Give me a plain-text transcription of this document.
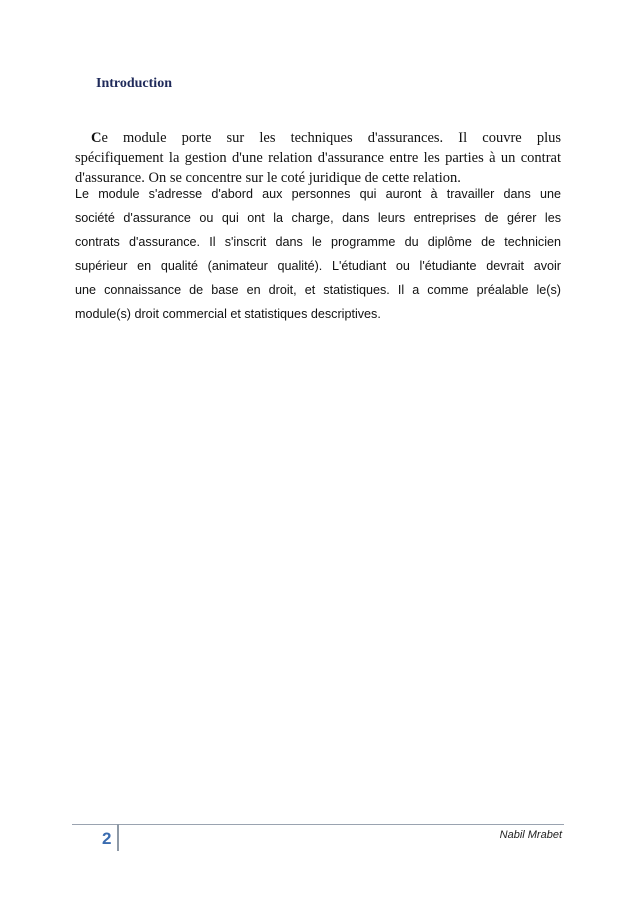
Introduction

Ce module porte sur les techniques d'assurances. Il couvre plus
spécifiquement la gestion d'une relation d'assurance entre les parties à un contrat
d'assurance. On se concentre sur le coté juridique de cette relation.

Le module s'adresse d'abord aux personnes qui auront à travailler dans une
société d'assurance ou qui ont la charge, dans leurs entreprises de gérer les
contrats d'assurance. Il s'inscrit dans le programme du diplôme de technicien
supérieur en qualité (animateur qualité). L'étudiant ou l'étudiante devrait avoir
une connaissance de base en droit, et statistiques. Il a comme préalable le(s)
module(s) droit commercial et statistiques descriptives.

2	Nabil Mrabet
